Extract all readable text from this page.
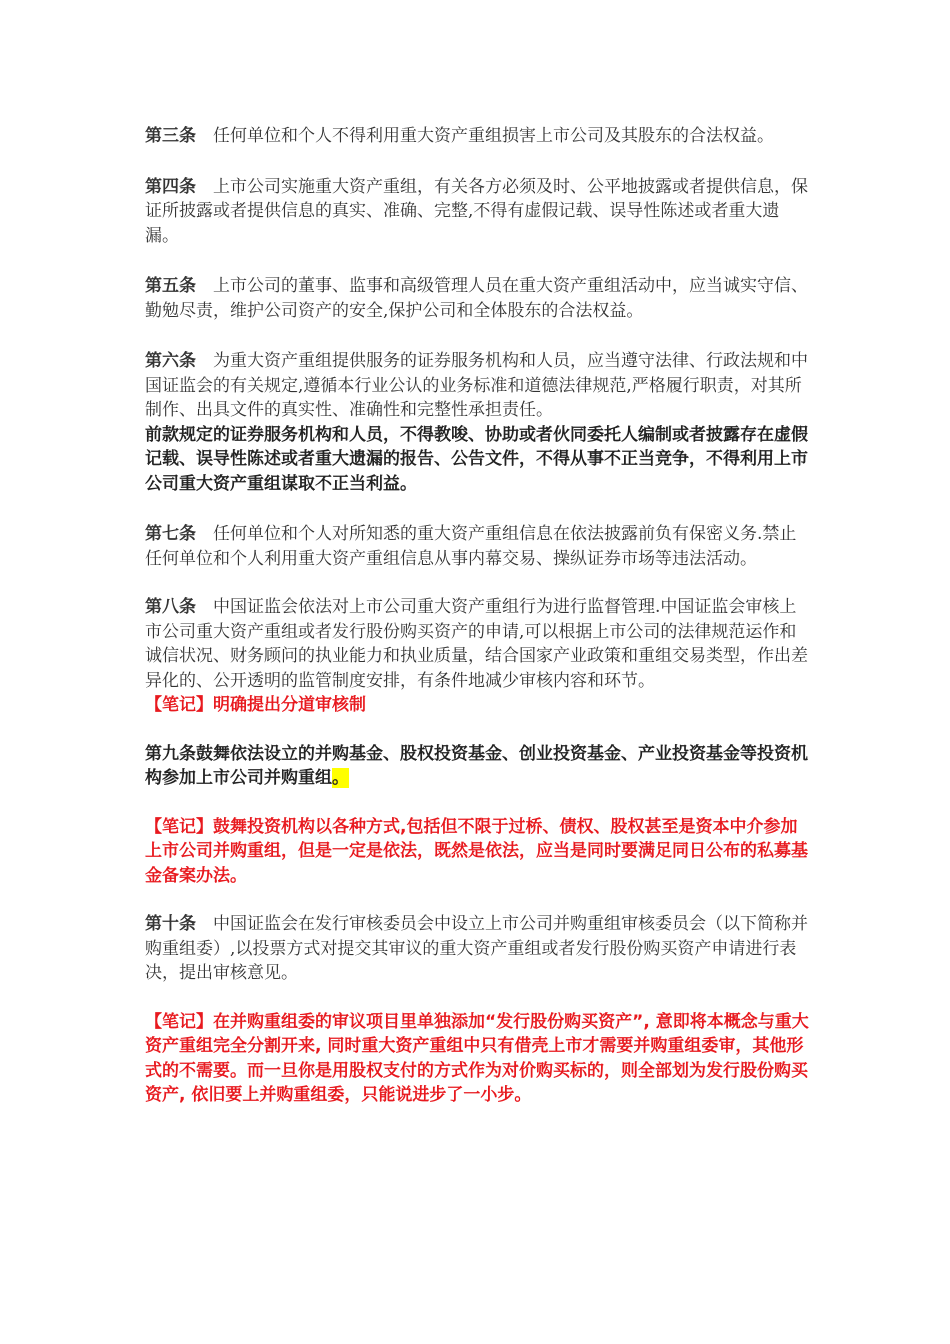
第三条　任何单位和个人不得利用重大资产重组损害上市公司及其股东的合法权益。

第四条　上市公司实施重大资产重组，有关各方必须及时、公平地披露或者提供信息，保证所披露或者提供信息的真实、准确、完整,不得有虚假记载、误导性陈述或者重大遗漏。

第五条　上市公司的董事、监事和高级管理人员在重大资产重组活动中，应当诚实守信、勤勉尽责，维护公司资产的安全,保护公司和全体股东的合法权益。

第六条　为重大资产重组提供服务的证券服务机构和人员，应当遵守法律、行政法规和中国证监会的有关规定,遵循本行业公认的业务标准和道德法律规范,严格履行职责，对其所制作、出具文件的真实性、准确性和完整性承担责任。

前款规定的证券服务机构和人员，不得教唆、协助或者伙同委托人编制或者披露存在虚假记载、误导性陈述或者重大遗漏的报告、公告文件，不得从事不正当竞争，不得利用上市公司重大资产重组谋取不正当利益。

第七条　任何单位和个人对所知悉的重大资产重组信息在依法披露前负有保密义务.禁止任何单位和个人利用重大资产重组信息从事内幕交易、操纵证券市场等违法活动。

第八条　中国证监会依法对上市公司重大资产重组行为进行监督管理.中国证监会审核上市公司重大资产重组或者发行股份购买资产的申请,可以根据上市公司的法律规范运作和诚信状况、财务顾问的执业能力和执业质量，结合国家产业政策和重组交易类型，作出差异化的、公开透明的监管制度安排，有条件地减少审核内容和环节。

【笔记】明确提出分道审核制

第九条鼓舞依法设立的并购基金、股权投资基金、创业投资基金、产业投资基金等投资机构参加上市公司并购重组。

【笔记】鼓舞投资机构以各种方式,包括但不限于过桥、债权、股权甚至是资本中介参加上市公司并购重组，但是一定是依法，既然是依法，应当是同时要满足同日公布的私募基金备案办法。

第十条　中国证监会在发行审核委员会中设立上市公司并购重组审核委员会（以下简称并购重组委）,以投票方式对提交其审议的重大资产重组或者发行股份购买资产申请进行表决，提出审核意见。

【笔记】在并购重组委的审议项目里单独添加“发行股份购买资产”, 意即将本概念与重大资产重组完全分割开来, 同时重大资产重组中只有借壳上市才需要并购重组委审，其他形式的不需要。而一旦你是用股权支付的方式作为对价购买标的，则全部划为发行股份购买资产, 依旧要上并购重组委，只能说进步了一小步。
